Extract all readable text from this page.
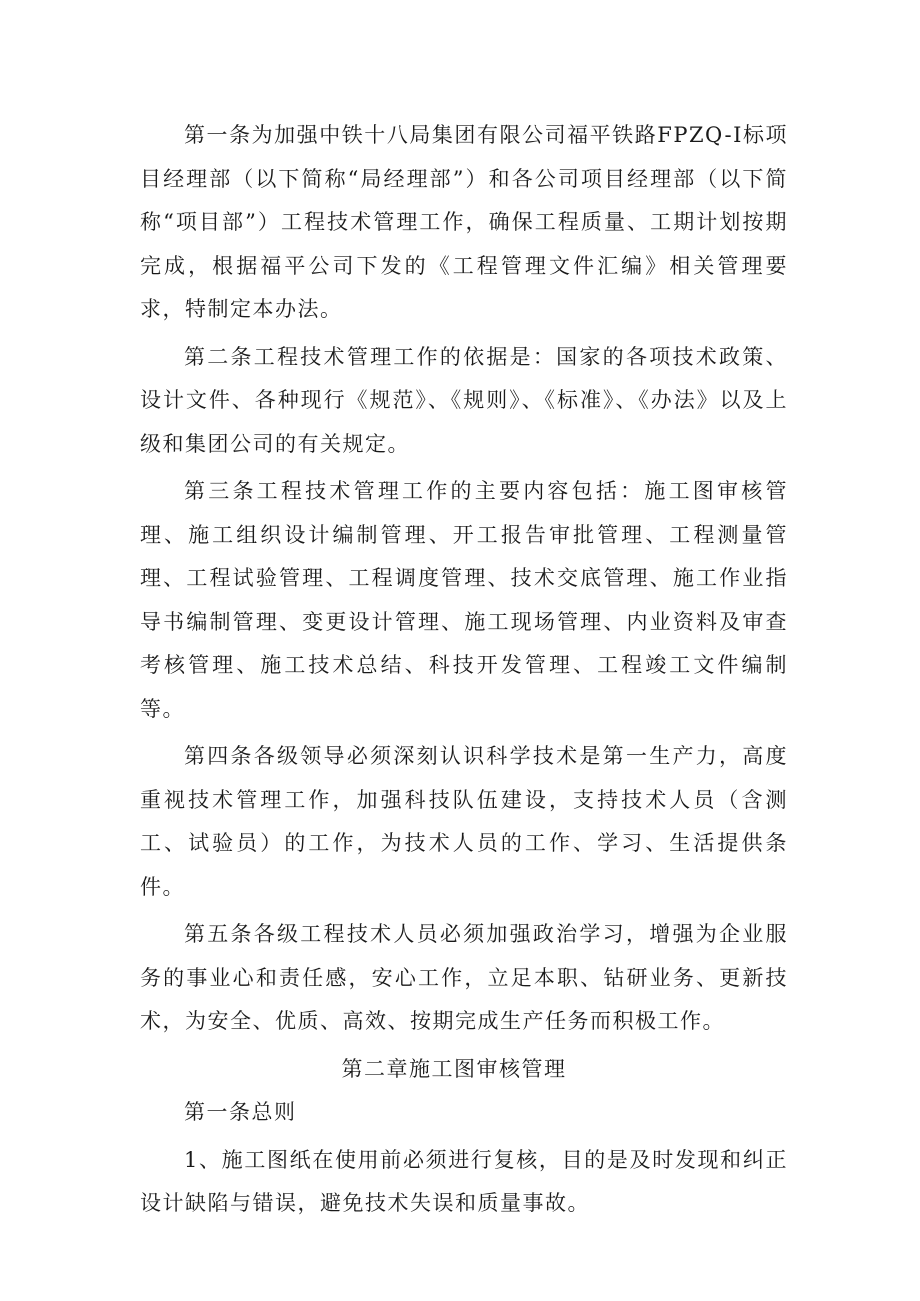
第一条为加强中铁十八局集团有限公司福平铁路FPZQ-I标项目经理部（以下简称“局经理部”）和各公司项目经理部（以下简称“项目部”）工程技术管理工作，确保工程质量、工期计划按期完成，根据福平公司下发的《工程管理文件汇编》相关管理要求，特制定本办法。

第二条工程技术管理工作的依据是：国家的各项技术政策、设计文件、各种现行《规范》、《规则》、《标准》、《办法》以及上级和集团公司的有关规定。

第三条工程技术管理工作的主要内容包括：施工图审核管理、施工组织设计编制管理、开工报告审批管理、工程测量管理、工程试验管理、工程调度管理、技术交底管理、施工作业指导书编制管理、变更设计管理、施工现场管理、内业资料及审查考核管理、施工技术总结、科技开发管理、工程竣工文件编制等。

第四条各级领导必须深刻认识科学技术是第一生产力，高度重视技术管理工作，加强科技队伍建设，支持技术人员（含测工、试验员）的工作，为技术人员的工作、学习、生活提供条件。

第五条各级工程技术人员必须加强政治学习，增强为企业服务的事业心和责任感，安心工作，立足本职、钻研业务、更新技术，为安全、优质、高效、按期完成生产任务而积极工作。

第二章施工图审核管理

第一条总则

1、施工图纸在使用前必须进行复核，目的是及时发现和纠正设计缺陷与错误，避免技术失误和质量事故。
